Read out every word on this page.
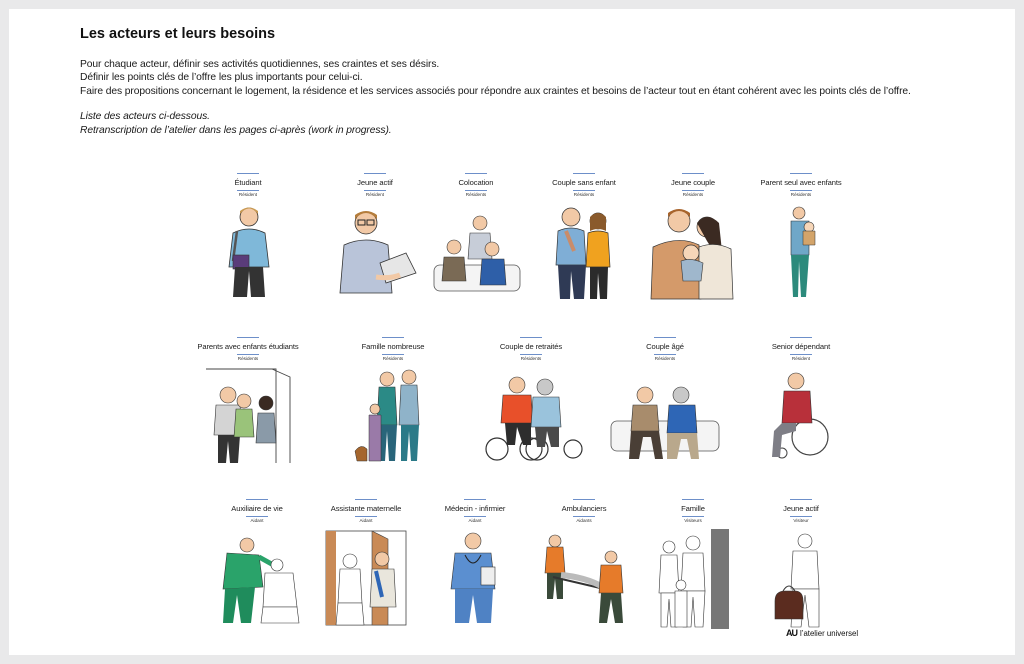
Les acteurs et leurs besoins

Pour chaque acteur, définir ses activités quotidiennes, ses craintes et ses désirs.

Définir les points clés de l’offre les plus importants pour celui-ci.

Faire des propositions concernant le logement, la résidence et les services associés pour répondre aux craintes et besoins de l’acteur tout en étant cohérent avec les points clés de l’offre.

Liste des acteurs ci-dessous.

Retranscription de l’atelier dans les pages ci-après (work in progress).

Étudiant
Résident
Jeune actif
Résident
Colocation
Résidents
Couple sans enfant
Résidents
Jeune couple
Résidents
Parent seul avec enfants
Résidents
Parents avec enfants étudiants
Résidents
Famille nombreuse
Résidents
Couple de retraités
Résidents
Couple âgé
Résidents
Senior dépendant
Résident
Auxiliaire de vie
Aidant
Assistante maternelle
Aidant
Médecin - infirmier
Aidant
Ambulanciers
Aidants
Famille
Visiteurs
Jeune actif
Visiteur
AU l’atelier universel
